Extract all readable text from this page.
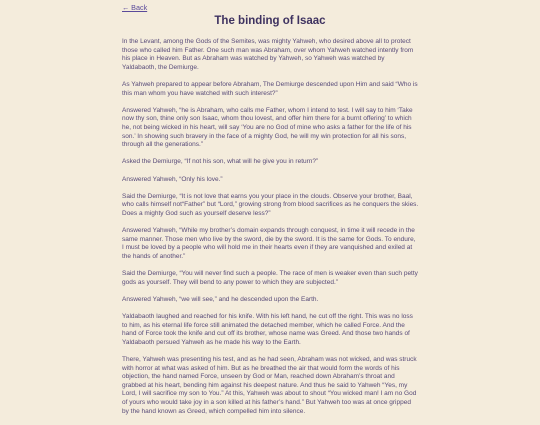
← Back
The binding of Isaac

In the Levant, among the Gods of the Semites, was mighty Yahweh, who desired above all to protect those who called him Father. One such man was Abraham, over whom Yahweh watched intently from his place in Heaven. But as Abraham was watched by Yahweh, so Yahweh was watched by Yaldabaoth, the Demiurge.

As Yahweh prepared to appear before Abraham, The Demiurge descended upon Him and said “Who is this man whom you have watched with such interest?”

Answered Yahweh, “he is Abraham, who calls me Father, whom I intend to test. I will say to him ‘Take now thy son, thine only son Isaac, whom thou lovest, and offer him there for a burnt offering’ to which he, not being wicked in his heart, will say ‘You are no God of mine who asks a father for the life of his son.’ In showing such bravery in the face of a mighty God, he will my win protection for all his sons, through all the generations.”

Asked the Demiurge, “If not his son, what will he give you in return?”

Answered Yahweh, “Only his love.”

Said the Demiurge, “It is not love that earns you your place in the clouds. Observe your brother, Baal, who calls himself not“Father” but “Lord,” growing strong from blood sacrifices as he conquers the skies. Does a mighty God such as yourself deserve less?”

Answered Yahweh, “While my brother’s domain expands through conquest, in time it will recede in the same manner. Those men who live by the sword, die by the sword. It is the same for Gods. To endure, I must be loved by a people who will hold me in their hearts even if they are vanquished and exiled at the hands of another.”

Said the Demiurge, “You will never find such a people. The race of men is weaker even than such petty gods as yourself. They will bend to any power to which they are subjected.”

Answered Yahweh, “we will see,” and he descended upon the Earth.

Yaldabaoth laughed and reached for his knife. With his left hand, he cut off the right. This was no loss to him, as his eternal life force still animated the detached member, which he called Force. And the hand of Force took the knife and cut off its brother, whose name was Greed. And those two hands of Yaldabaoth persued Yahweh as he made his way to the Earth.

There, Yahweh was presenting his test, and as he had seen, Abraham was not wicked, and was struck with horror at what was asked of him. But as he breathed the air that would form the words of his objection, the hand named Force, unseen by God or Man, reached down Abraham’s throat and grabbed at his heart, bending him against his deepest nature. And thus he said to Yahweh “Yes, my Lord, I will sacrifice my son to You.” At this, Yahweh was about to shout “You wicked man! I am no God of yours who would take joy in a son killed at his father’s hand.” But Yahweh too was at once gripped by the hand known as Greed, which compelled him into silence.
